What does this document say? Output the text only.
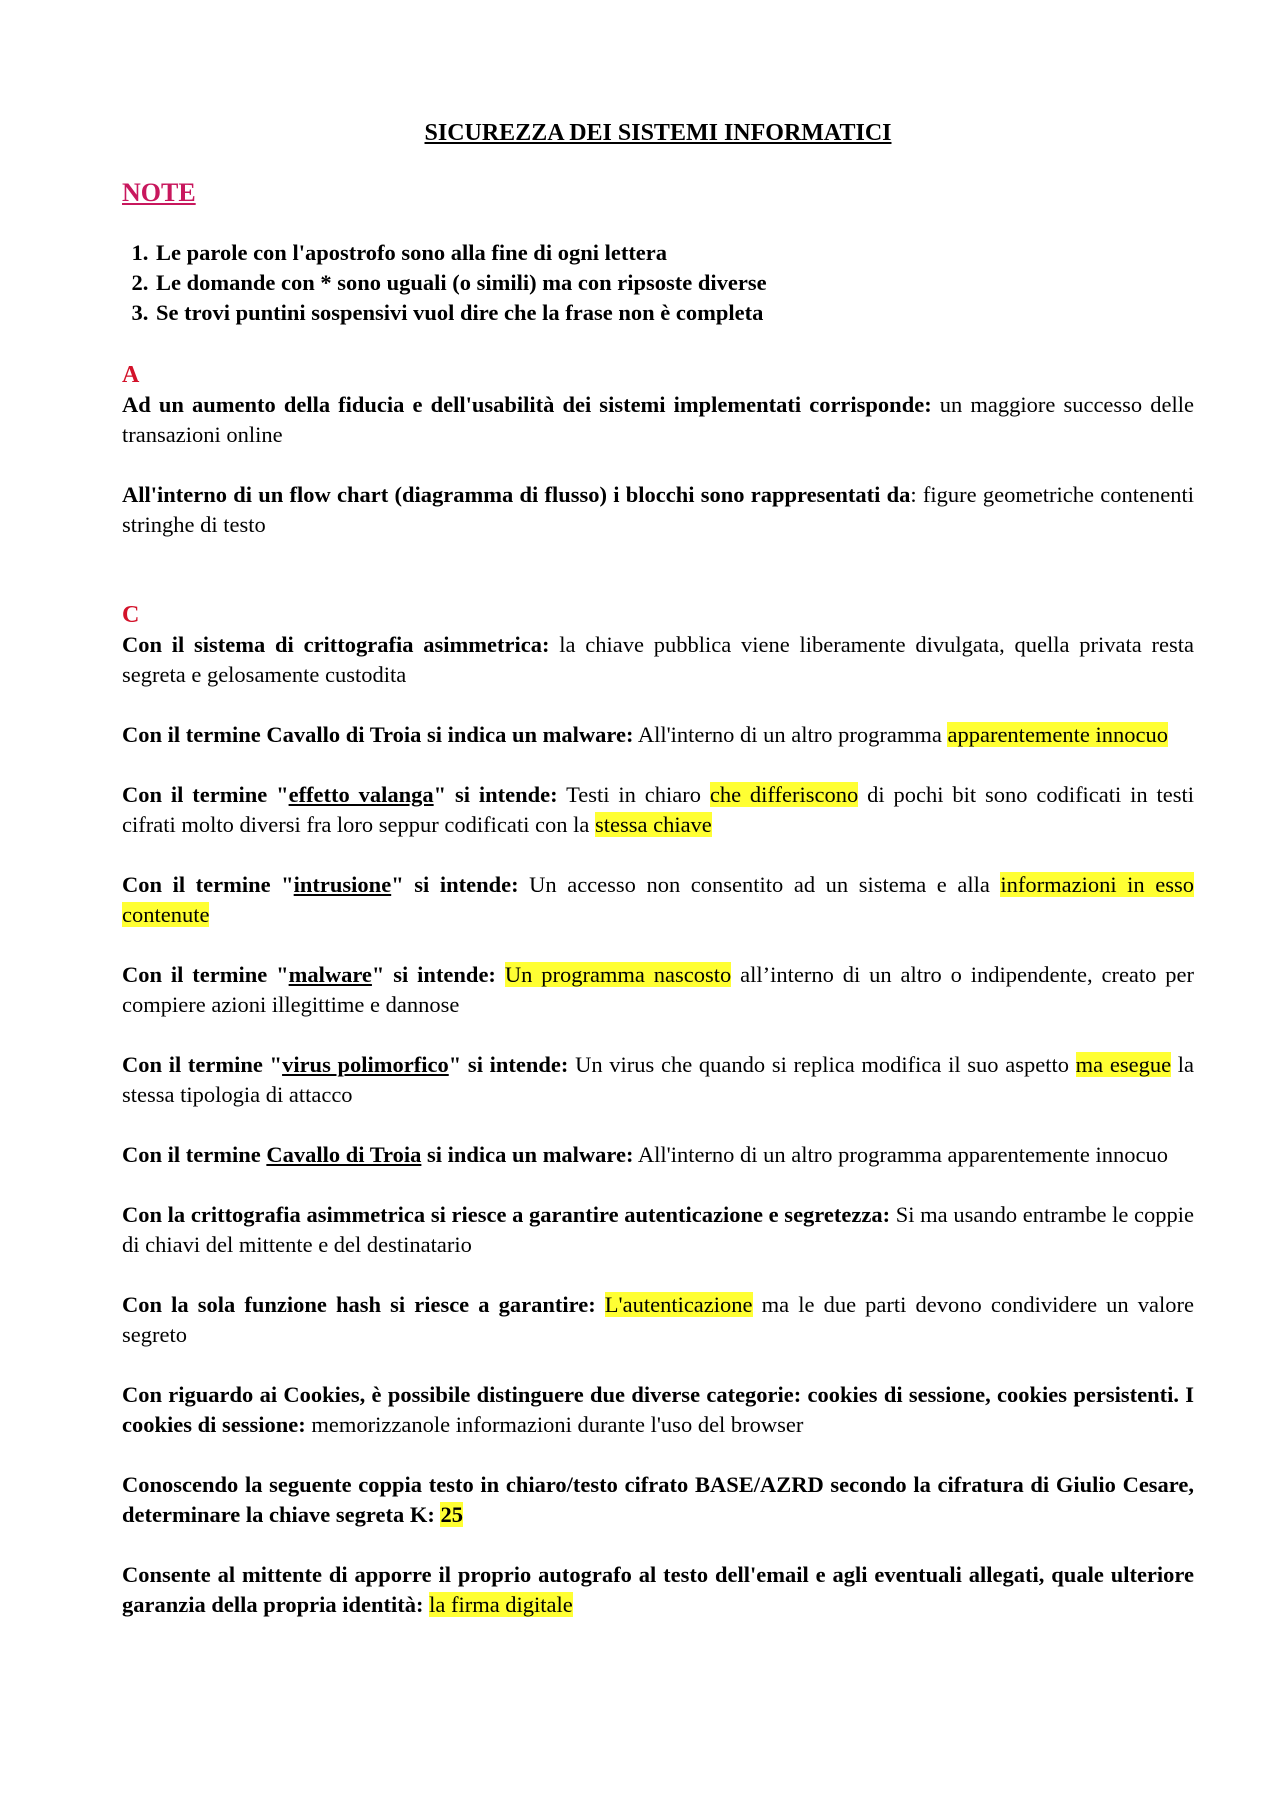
SICUREZZA DEI SISTEMI INFORMATICI
NOTE
1. Le parole con l'apostrofo sono alla fine di ogni lettera
2. Le domande con * sono uguali (o simili) ma con ripsoste diverse
3. Se trovi puntini sospensivi vuol dire che la frase non è completa
A
Ad un aumento della fiducia e dell'usabilità dei sistemi implementati corrisponde: un maggiore successo delle transazioni online
All'interno di un flow chart (diagramma di flusso) i blocchi sono rappresentati da: figure geometriche contenenti stringhe di testo
C
Con il sistema di crittografia asimmetrica: la chiave pubblica viene liberamente divulgata, quella privata resta segreta e gelosamente custodita
Con il termine Cavallo di Troia si indica un malware: All'interno di un altro programma apparentemente innocuo
Con il termine "effetto valanga" si intende: Testi in chiaro che differiscono di pochi bit sono codificati in testi cifrati molto diversi fra loro seppur codificati con la stessa chiave
Con il termine "intrusione" si intende: Un accesso non consentito ad un sistema e alla informazioni in esso contenute
Con il termine "malware" si intende: Un programma nascosto all’interno di un altro o indipendente, creato per compiere azioni illegittime e dannose
Con il termine "virus polimorfico" si intende: Un virus che quando si replica modifica il suo aspetto ma esegue la stessa tipologia di attacco
Con il termine Cavallo di Troia si indica un malware: All'interno di un altro programma apparentemente innocuo
Con la crittografia asimmetrica si riesce a garantire autenticazione e segretezza: Si ma usando entrambe le coppie di chiavi del mittente e del destinatario
Con la sola funzione hash si riesce a garantire: L'autenticazione ma le due parti devono condividere un valore segreto
Con riguardo ai Cookies, è possibile distinguere due diverse categorie: cookies di sessione, cookies persistenti. I cookies di sessione: memorizzanole informazioni durante l'uso del browser
Conoscendo la seguente coppia testo in chiaro/testo cifrato BASE/AZRD secondo la cifratura di Giulio Cesare, determinare la chiave segreta K: 25
Consente al mittente di apporre il proprio autografo al testo dell'email e agli eventuali allegati, quale ulteriore garanzia della propria identità: la firma digitale
